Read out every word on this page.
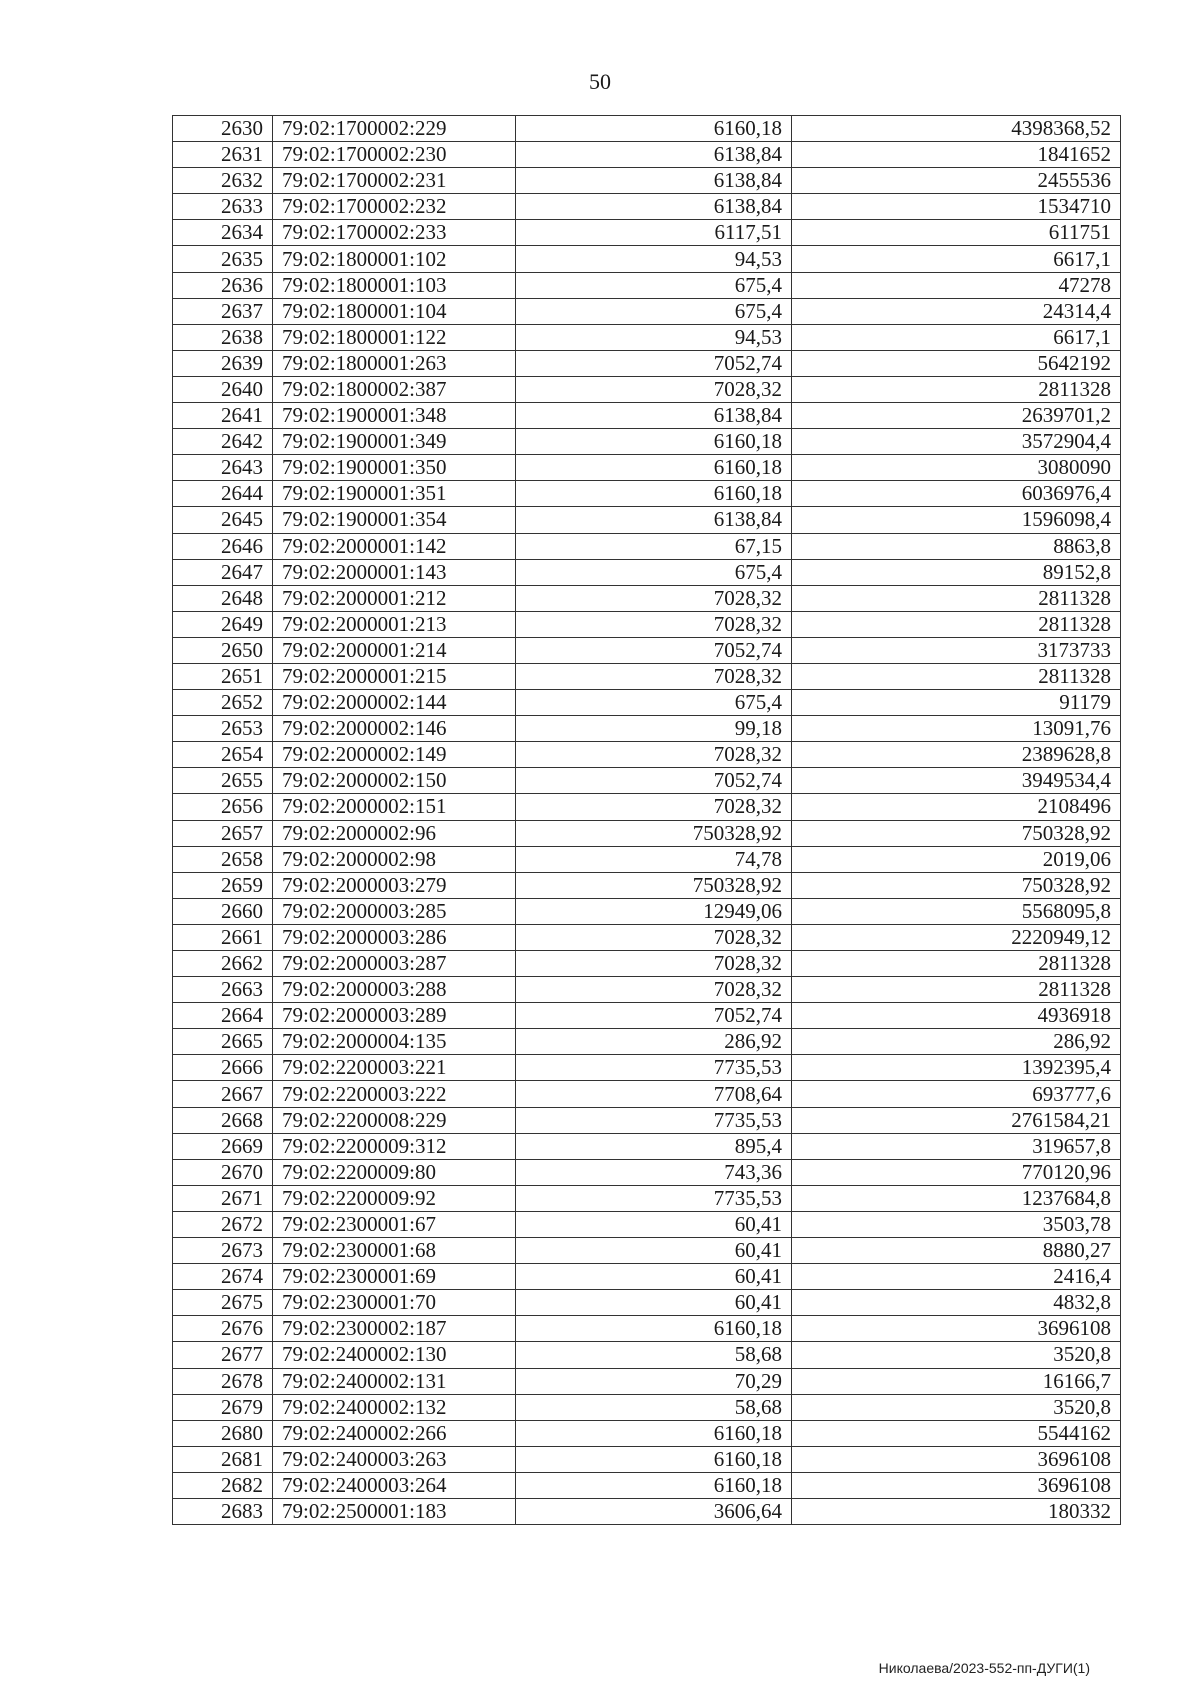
50
2630	79:02:1700002:229	6160,18	4398368,52
2631	79:02:1700002:230	6138,84	1841652
2632	79:02:1700002:231	6138,84	2455536
2633	79:02:1700002:232	6138,84	1534710
2634	79:02:1700002:233	6117,51	611751
2635	79:02:1800001:102	94,53	6617,1
2636	79:02:1800001:103	675,4	47278
2637	79:02:1800001:104	675,4	24314,4
2638	79:02:1800001:122	94,53	6617,1
2639	79:02:1800001:263	7052,74	5642192
2640	79:02:1800002:387	7028,32	2811328
2641	79:02:1900001:348	6138,84	2639701,2
2642	79:02:1900001:349	6160,18	3572904,4
2643	79:02:1900001:350	6160,18	3080090
2644	79:02:1900001:351	6160,18	6036976,4
2645	79:02:1900001:354	6138,84	1596098,4
2646	79:02:2000001:142	67,15	8863,8
2647	79:02:2000001:143	675,4	89152,8
2648	79:02:2000001:212	7028,32	2811328
2649	79:02:2000001:213	7028,32	2811328
2650	79:02:2000001:214	7052,74	3173733
2651	79:02:2000001:215	7028,32	2811328
2652	79:02:2000002:144	675,4	91179
2653	79:02:2000002:146	99,18	13091,76
2654	79:02:2000002:149	7028,32	2389628,8
2655	79:02:2000002:150	7052,74	3949534,4
2656	79:02:2000002:151	7028,32	2108496
2657	79:02:2000002:96	750328,92	750328,92
2658	79:02:2000002:98	74,78	2019,06
2659	79:02:2000003:279	750328,92	750328,92
2660	79:02:2000003:285	12949,06	5568095,8
2661	79:02:2000003:286	7028,32	2220949,12
2662	79:02:2000003:287	7028,32	2811328
2663	79:02:2000003:288	7028,32	2811328
2664	79:02:2000003:289	7052,74	4936918
2665	79:02:2000004:135	286,92	286,92
2666	79:02:2200003:221	7735,53	1392395,4
2667	79:02:2200003:222	7708,64	693777,6
2668	79:02:2200008:229	7735,53	2761584,21
2669	79:02:2200009:312	895,4	319657,8
2670	79:02:2200009:80	743,36	770120,96
2671	79:02:2200009:92	7735,53	1237684,8
2672	79:02:2300001:67	60,41	3503,78
2673	79:02:2300001:68	60,41	8880,27
2674	79:02:2300001:69	60,41	2416,4
2675	79:02:2300001:70	60,41	4832,8
2676	79:02:2300002:187	6160,18	3696108
2677	79:02:2400002:130	58,68	3520,8
2678	79:02:2400002:131	70,29	16166,7
2679	79:02:2400002:132	58,68	3520,8
2680	79:02:2400002:266	6160,18	5544162
2681	79:02:2400003:263	6160,18	3696108
2682	79:02:2400003:264	6160,18	3696108
2683	79:02:2500001:183	3606,64	180332
Николаева/2023-552-пп-ДУГИ(1)
